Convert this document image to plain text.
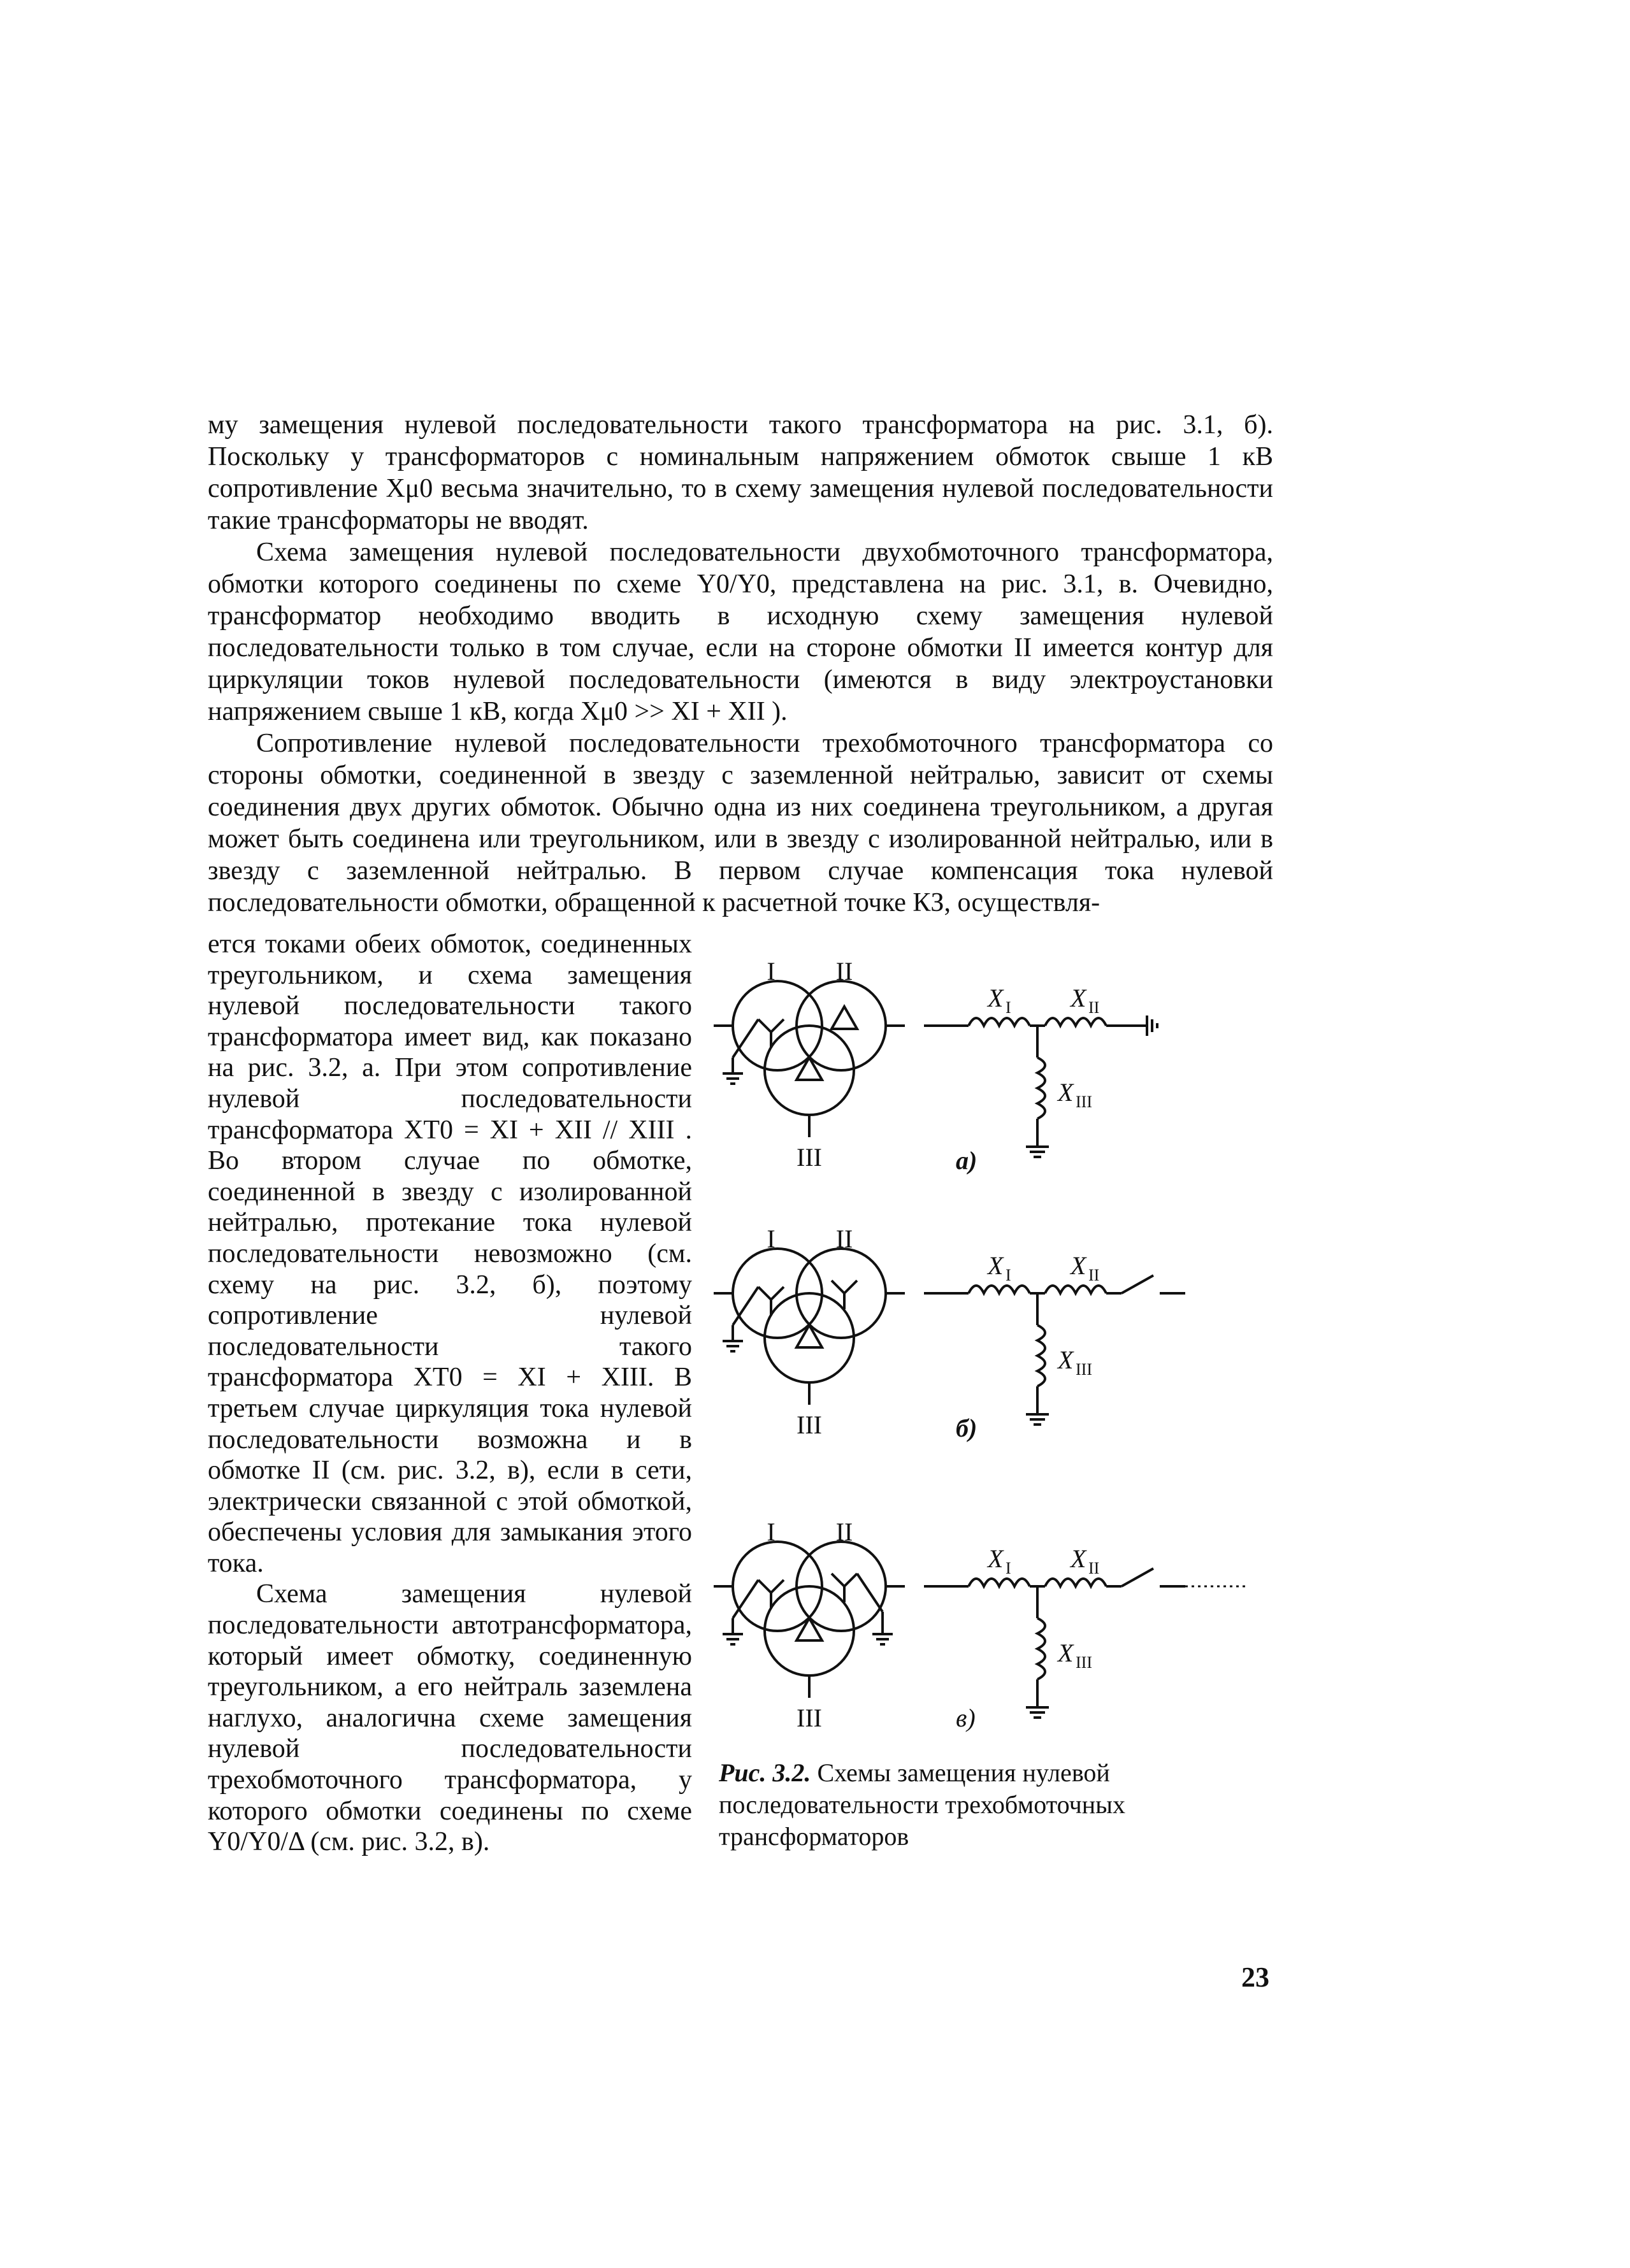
му замещения нулевой последовательности такого трансформатора на рис. 3.1, б). Поскольку у трансформаторов с номинальным напряжением обмоток свыше 1 кВ сопротивление Xμ0 весьма значительно, то в схему замещения нулевой последовательности такие трансформаторы не вводят.

Схема замещения нулевой последовательности двухобмоточного трансформатора, обмотки которого соединены по схеме Y0/Y0, представлена на рис. 3.1, в. Очевидно, трансформатор необходимо вводить в исходную схему замещения нулевой последовательности только в том случае, если на стороне обмотки II имеется контур для циркуляции токов нулевой последовательности (имеются в виду электроустановки напряжением свыше 1 кВ, когда Xμ0 >> XI + XII ).

Сопротивление нулевой последовательности трехобмоточного трансформатора со стороны обмотки, соединенной в звезду с заземленной нейтралью, зависит от схемы соединения двух других обмоток. Обычно одна из них соединена треугольником, а другая может быть соединена или треугольником, или в звезду с изолированной нейтралью, или в звезду с заземленной нейтралью. В первом случае компенсация тока нулевой последовательности обмотки, обращенной к расчетной точке КЗ, осуществля-

ется токами обеих обмоток, соединенных треугольником, и схема замещения нулевой последовательности такого трансформатора имеет вид, как показано на рис. 3.2, а. При этом сопротивление нулевой последовательности трансформатора XT0 = XI + XII // XIII . Во втором случае по обмотке, соединенной в звезду с изолированной нейтралью, протекание тока нулевой последовательности невозможно (см. схему на рис. 3.2, б), поэтому сопротивление нулевой последовательности такого трансформатора XT0 = XI + XIII. В третьем случае циркуляция тока нулевой последовательности возможна и в обмотке II (см. рис. 3.2, в), если в сети, электрически связанной с этой обмоткой, обеспечены условия для замыкания этого тока.

Схема замещения нулевой последовательности автотрансформатора, который имеет обмотку, соединенную треугольником, а его нейтраль заземлена наглухо, аналогична схеме замещения нулевой последовательности трехобмоточного трансформатора, у которого обмотки соединены по схеме Y0/Y0/Δ (см. рис. 3.2, в).

I II
III
X I X II
X III
а)
I II
III
X I X II
X III
б)
I II
III
X I X II
X III
в)
Рис. 3.2. Схемы замещения нулевой последовательности трехобмоточных трансформаторов
23
